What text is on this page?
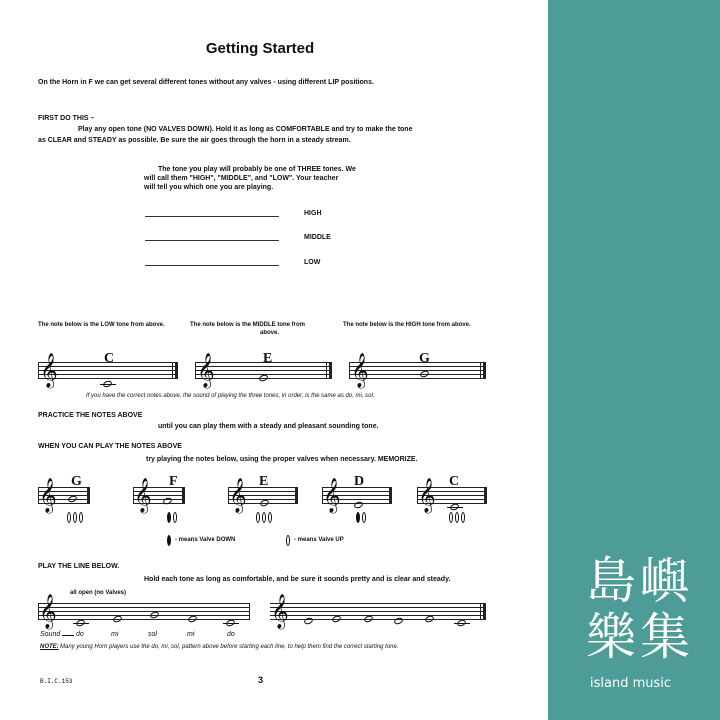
Getting Started
On the Horn in F we can get several different tones without any valves - using different LIP positions.
FIRST DO THIS –
Play any open tone (NO VALVES DOWN). Hold it as long as COMFORTABLE and try to make the tone
as CLEAR and STEADY as possible. Be sure the air goes through the horn in a steady stream.
The tone you play will probably be one of THREE tones. We
will call them "HIGH", "MIDDLE", and "LOW". Your teacher
will tell you which one you are playing.
HIGH
MIDDLE
LOW
The note below is the LOW tone from above.	The note below is the MIDDLE tone from
above.
The note below is the HIGH tone from above.
𝄞	C	𝄞	E	𝄞	G
If you have the correct notes above, the sound of playing the three tones, in order, is the same as do, mi, sol.
PRACTICE THE NOTES ABOVE
until you can play them with a steady and pleasant sounding tone.
WHEN YOU CAN PLAY THE NOTES ABOVE
try playing the notes below, using the proper valves when necessary. MEMORIZE.
𝄞 G 𝄞 F 𝄞 E 𝄞 D 𝄞 C
- means Valve DOWN	- means Valve UP
PLAY THE LINE BELOW.
Hold each tone as long as comfortable, and be sure it sounds pretty and is clear and steady.
all open (no Valves)
𝄞	𝄞
Sound do	mi	sol	mi	do
NOTE: Many young Horn players use the do, mi, sol, pattern above before starting each line, to help them find the correct starting tone.
B.I.C.153	3
島 嶼
樂 集
island music
